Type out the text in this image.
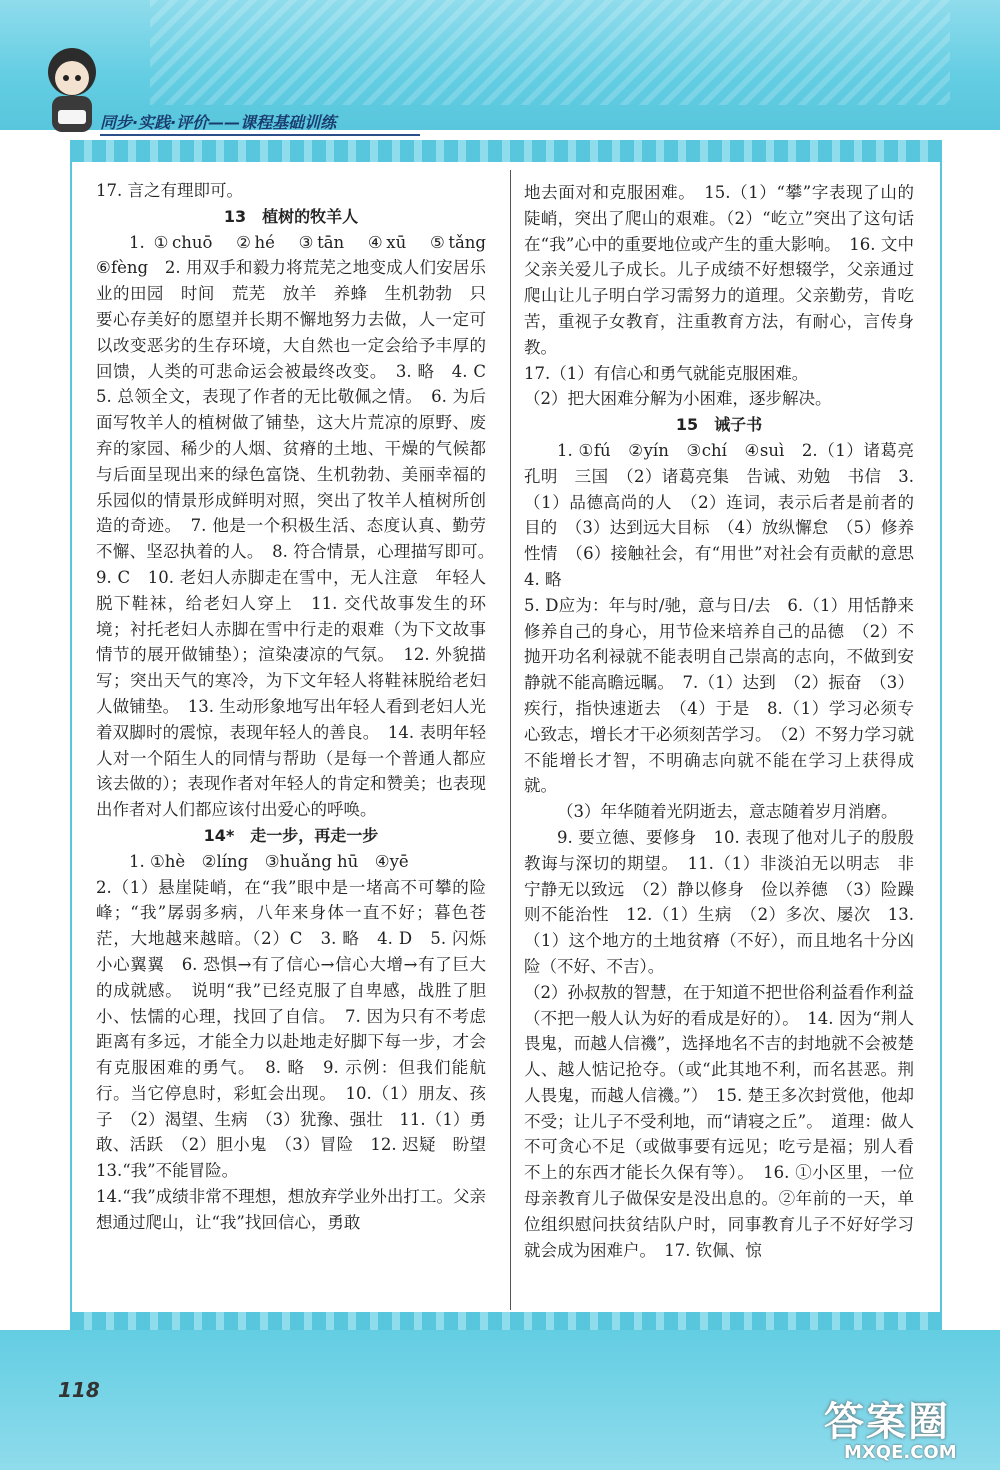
同步·实践·评价——课程基础训练

17. 言之有理即可。

13　植树的牧羊人

1. ①chuō　②hé　③tān　④xū　⑤tǎng ⑥fèng　2. 用双手和毅力将荒芜之地变成人们安居乐业的田园　时间　荒芜　放羊　养蜂　生机勃勃　只要心存美好的愿望并长期不懈地努力去做，人一定可以改变恶劣的生存环境，大自然也一定会给予丰厚的回馈，人类的可悲命运会被最终改变。　3. 略　4. C　5. 总领全文，表现了作者的无比敬佩之情。　6. 为后面写牧羊人的植树做了铺垫，这大片荒凉的原野、废弃的家园、稀少的人烟、贫瘠的土地、干燥的气候都与后面呈现出来的绿色富饶、生机勃勃、美丽幸福的乐园似的情景形成鲜明对照，突出了牧羊人植树所创造的奇迹。　7. 他是一个积极生活、态度认真、勤劳不懈、坚忍执着的人。　8. 符合情景，心理描写即可。　9. C　10. 老妇人赤脚走在雪中，无人注意　年轻人脱下鞋袜，给老妇人穿上　11. 交代故事发生的环境；衬托老妇人赤脚在雪中行走的艰难（为下文故事情节的展开做铺垫）；渲染凄凉的气氛。　12. 外貌描写；突出天气的寒冷，为下文年轻人将鞋袜脱给老妇人做铺垫。　13. 生动形象地写出年轻人看到老妇人光着双脚时的震惊，表现年轻人的善良。　14. 表明年轻人对一个陌生人的同情与帮助（是每一个普通人都应该去做的）；表现作者对年轻人的肯定和赞美；也表现出作者对人们都应该付出爱心的呼唤。

14*　走一步，再走一步

1. ①hè　②líng　③huǎng hū　④yē

2.（1）悬崖陡峭，在“我”眼中是一堵高不可攀的险峰；“我”孱弱多病，八年来身体一直不好；暮色苍茫，大地越来越暗。（2）C　3. 略　4. D　5. 闪烁　小心翼翼　6. 恐惧→有了信心→信心大增→有了巨大的成就感。　说明“我”已经克服了自卑感，战胜了胆小、怯懦的心理，找回了自信。　7. 因为只有不考虑距离有多远，才能全力以赴地走好脚下每一步，才会有克服困难的勇气。　8. 略　9. 示例：但我们能航行。当它停息时，彩虹会出现。　10.（1）朋友、孩子　（2）渴望、生病　（3）犹豫、强壮　11.（1）勇敢、活跃　（2）胆小鬼　（3）冒险　12. 迟疑　盼望　13.“我”不能冒险。

14.“我”成绩非常不理想，想放弃学业外出打工。父亲想通过爬山，让“我”找回信心，勇敢

地去面对和克服困难。　15.（1）“攀”字表现了山的陡峭，突出了爬山的艰难。（2）“屹立”突出了这句话在“我”心中的重要地位或产生的重大影响。　16. 文中父亲关爱儿子成长。儿子成绩不好想辍学，父亲通过爬山让儿子明白学习需努力的道理。父亲勤劳，肯吃苦，重视子女教育，注重教育方法，有耐心，言传身教。

17.（1）有信心和勇气就能克服困难。

（2）把大困难分解为小困难，逐步解决。

15　诫子书

1. ①fú　②yín　③chí　④suì　2.（1）诸葛亮　孔明　三国　（2）诸葛亮集　告诫、劝勉　书信　3.（1）品德高尚的人　（2）连词，表示后者是前者的目的　（3）达到远大目标　（4）放纵懈怠　（5）修养性情　（6）接触社会，有“用世”对社会有贡献的意思　4. 略

5. D应为：年与时/驰，意与日/去　6.（1）用恬静来修养自己的身心，用节俭来培养自己的品德　（2）不抛开功名利禄就不能表明自己崇高的志向，不做到安静就不能高瞻远瞩。　7.（1）达到　（2）振奋　（3）疾行，指快速逝去　（4）于是　8.（1）学习必须专心致志，增长才干必须刻苦学习。　（2）不努力学习就不能增长才智，不明确志向就不能在学习上获得成就。

（3）年华随着光阴逝去，意志随着岁月消磨。

9. 要立德、要修身　10. 表现了他对儿子的殷殷教诲与深切的期望。　11.（1）非淡泊无以明志　非宁静无以致远　（2）静以修身　俭以养德　（3）险躁则不能治性　12.（1）生病　（2）多次、屡次　13.（1）这个地方的土地贫瘠（不好），而且地名十分凶险（不好、不吉）。

（2）孙叔敖的智慧，在于知道不把世俗利益看作利益（不把一般人认为好的看成是好的）。　14. 因为“荆人畏鬼，而越人信禨”，选择地名不吉的封地就不会被楚人、越人惦记抢夺。（或“此其地不利，而名甚恶。荆人畏鬼，而越人信禨。”）　15. 楚王多次封赏他，他却不受；让儿子不受利地，而“请寝之丘”。　道理：做人不可贪心不足（或做事要有远见；吃亏是福；别人看不上的东西才能长久保有等）。　16. ①小区里，一位母亲教育儿子做保安是没出息的。②年前的一天，单位组织慰问扶贫结队户时，同事教育儿子不好好学习就会成为困难户。　17. 钦佩、惊

118
答案圈
MXQE.COM
